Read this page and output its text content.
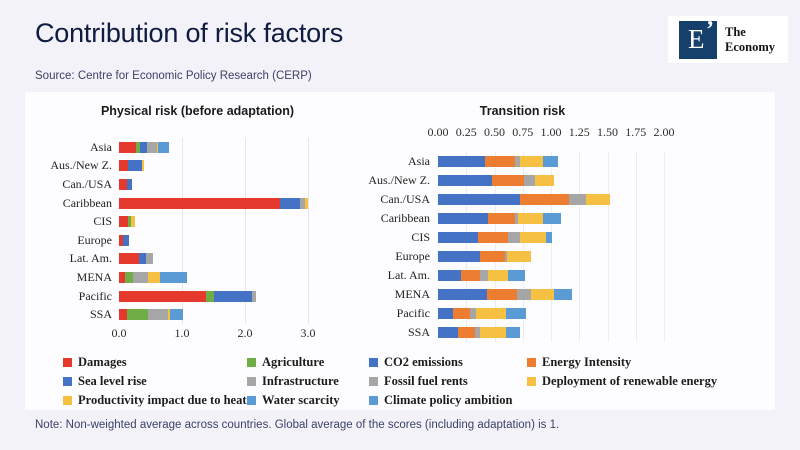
Contribution of risk factors
Source: Centre for Economic Policy Research (CERP)
E ’ The
Economy
Physical risk (before adaptation)
0.0	1.0	2.0	3.0
Asia
Aus./New Z.
Can./USA
Caribbean
CIS
Europe
Lat. Am.
MENA
Pacific
SSA
Transition risk
0.00 0.25 0.50 0.75 1.00 1.25 1.50 1.75 2.00
Asia
Aus./New Z.
Can./USA
Caribbean
CIS
Europe
Lat. Am.
MENA
Pacific
SSA
Damages
Sea level rise
Productivity impact due to heat
Agriculture
Infrastructure
Water scarcity
CO2 emissions
Fossil fuel rents
Climate policy ambition
Energy Intensity
Deployment of renewable energy
Note: Non-weighted average across countries. Global average of the scores (including adaptation) is 1.
